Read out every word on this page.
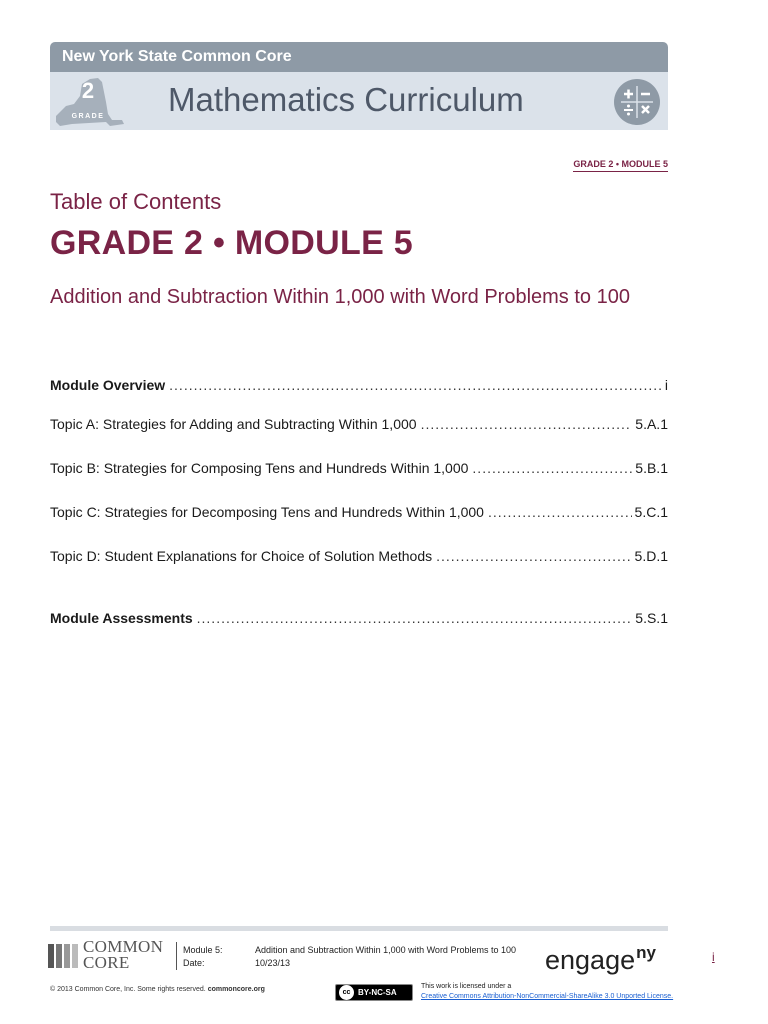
New York State Common Core
2
GRADE Mathematics Curriculum
GRADE 2 • MODULE 5
Table of Contents
GRADE 2 • MODULE 5
Addition and Subtraction Within 1,000 with Word Problems to 100
Module Overview .....	i
Topic A: Strategies for Adding and Subtracting Within 1,000 .....	5.A.1
Topic B: Strategies for Composing Tens and Hundreds Within 1,000 .....	5.B.1
Topic C: Strategies for Decomposing Tens and Hundreds Within 1,000 .....	5.C.1
Topic D: Student Explanations for Choice of Solution Methods .....	5.D.1
Module Assessments .....	5.S.1
COMMON
CORE
Module 5:
Date:
Addition and Subtraction Within 1,000 with Word Problems to 100
10/23/13	engage$^{ny}$	i
© 2013 Common Core, Inc. Some rights reserved. commoncore.org	cc BY-NC-SA
This work is licensed under a
Creative Commons Attribution-NonCommercial-ShareAlike 3.0 Unported License.
